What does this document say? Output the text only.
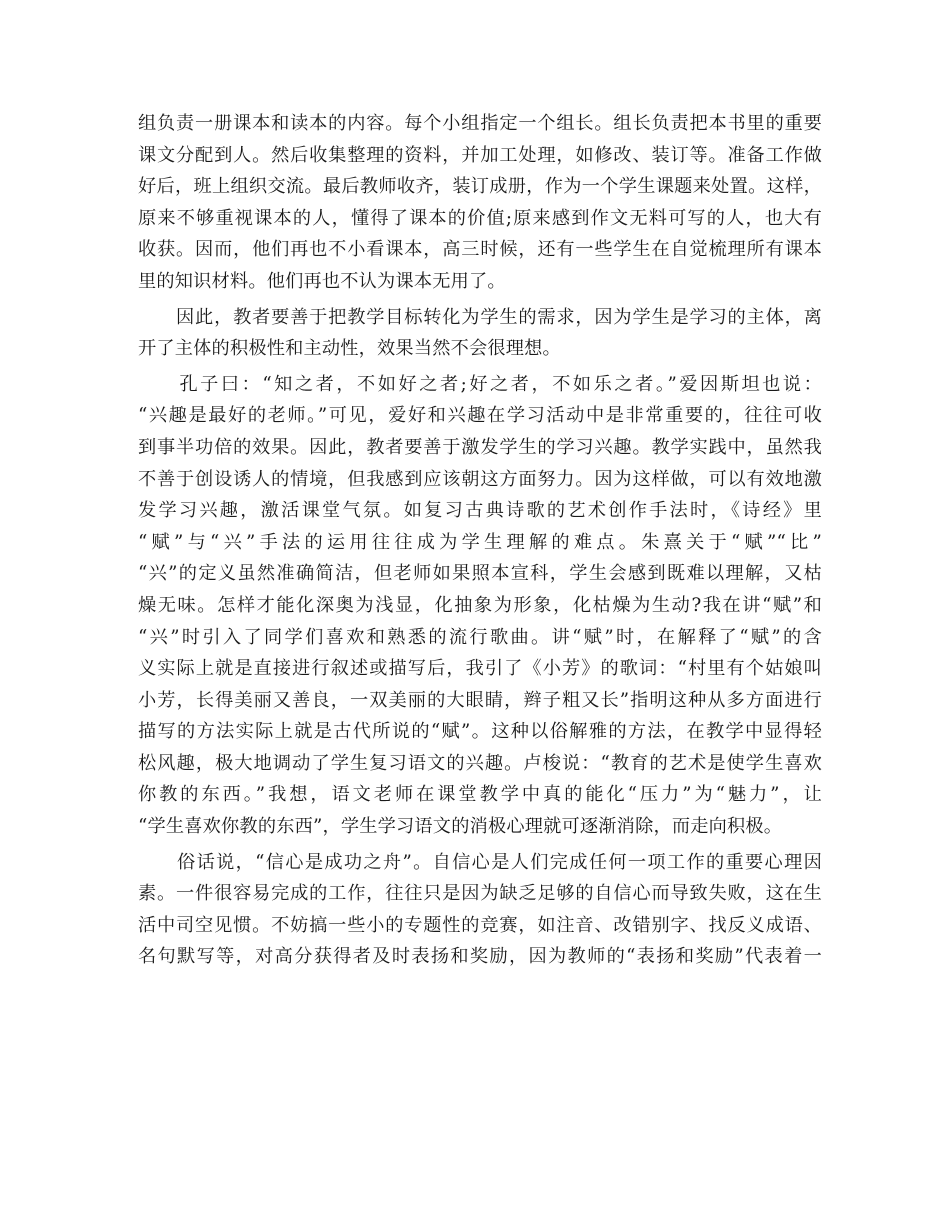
组负责一册课本和读本的内容。每个小组指定一个组长。组长负责把本书里的重要
课文分配到人。然后收集整理的资料，并加工处理，如修改、装订等。准备工作做
好后，班上组织交流。最后教师收齐，装订成册，作为一个学生课题来处置。这样，
原来不够重视课本的人，懂得了课本的价值;原来感到作文无料可写的人，也大有
收获。因而，他们再也不小看课本，高三时候，还有一些学生在自觉梳理所有课本
里的知识材料。他们再也不认为课本无用了。
　　因此，教者要善于把教学目标转化为学生的需求，因为学生是学习的主体，离
开了主体的积极性和主动性，效果当然不会很理想。
　　孔子曰：“知之者，不如好之者;好之者，不如乐之者。”爱因斯坦也说：
“兴趣是最好的老师。”可见，爱好和兴趣在学习活动中是非常重要的，往往可收
到事半功倍的效果。因此，教者要善于激发学生的学习兴趣。教学实践中，虽然我
不善于创设诱人的情境，但我感到应该朝这方面努力。因为这样做，可以有效地激
发学习兴趣，激活课堂气氛。如复习古典诗歌的艺术创作手法时，《诗经》里
“赋”与“兴”手法的运用往往成为学生理解的难点。朱熹关于“赋”“比”
“兴”的定义虽然准确简洁，但老师如果照本宣科，学生会感到既难以理解，又枯
燥无味。怎样才能化深奥为浅显，化抽象为形象，化枯燥为生动?我在讲“赋”和
“兴”时引入了同学们喜欢和熟悉的流行歌曲。讲“赋”时，在解释了“赋”的含
义实际上就是直接进行叙述或描写后，我引了《小芳》的歌词：“村里有个姑娘叫
小芳，长得美丽又善良，一双美丽的大眼睛，辫子粗又长”指明这种从多方面进行
描写的方法实际上就是古代所说的“赋”。这种以俗解雅的方法，在教学中显得轻
松风趣，极大地调动了学生复习语文的兴趣。卢梭说：“教育的艺术是使学生喜欢
你教的东西。”我想，语文老师在课堂教学中真的能化“压力”为“魅力”，让
“学生喜欢你教的东西”，学生学习语文的消极心理就可逐渐消除，而走向积极。
　　俗话说，“信心是成功之舟”。自信心是人们完成任何一项工作的重要心理因
素。一件很容易完成的工作，往往只是因为缺乏足够的自信心而导致失败，这在生
活中司空见惯。不妨搞一些小的专题性的竞赛，如注音、改错别字、找反义成语、
名句默写等，对高分获得者及时表扬和奖励，因为教师的“表扬和奖励”代表着一
